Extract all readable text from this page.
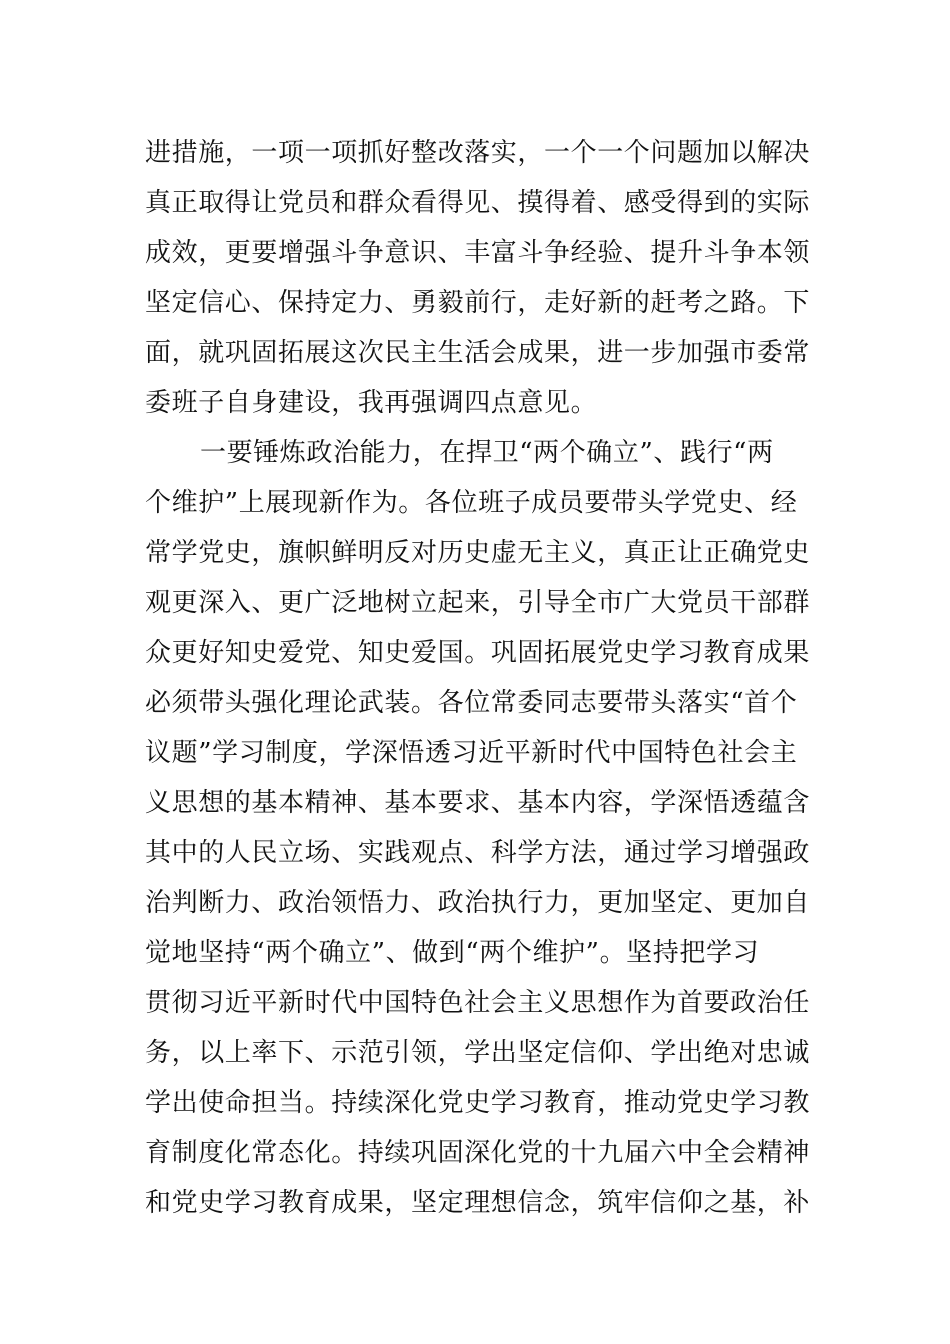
进措施，一项一项抓好整改落实，一个一个问题加以解决
真正取得让党员和群众看得见、摸得着、感受得到的实际
成效，更要增强斗争意识、丰富斗争经验、提升斗争本领
坚定信心、保持定力、勇毅前行，走好新的赶考之路。下
面，就巩固拓展这次民主生活会成果，进一步加强市委常
委班子自身建设，我再强调四点意见。
一要锤炼政治能力，在捍卫“两个确立”、践行“两
个维护”上展现新作为。各位班子成员要带头学党史、经
常学党史，旗帜鲜明反对历史虚无主义，真正让正确党史
观更深入、更广泛地树立起来，引导全市广大党员干部群
众更好知史爱党、知史爱国。巩固拓展党史学习教育成果
必须带头强化理论武装。各位常委同志要带头落实“首个
议题”学习制度，学深悟透习近平新时代中国特色社会主
义思想的基本精神、基本要求、基本内容，学深悟透蕴含
其中的人民立场、实践观点、科学方法，通过学习增强政
治判断力、政治领悟力、政治执行力，更加坚定、更加自
觉地坚持“两个确立”、做到“两个维护”。坚持把学习
贯彻习近平新时代中国特色社会主义思想作为首要政治任
务，以上率下、示范引领，学出坚定信仰、学出绝对忠诚
学出使命担当。持续深化党史学习教育，推动党史学习教
育制度化常态化。持续巩固深化党的十九届六中全会精神
和党史学习教育成果，坚定理想信念，筑牢信仰之基，补
